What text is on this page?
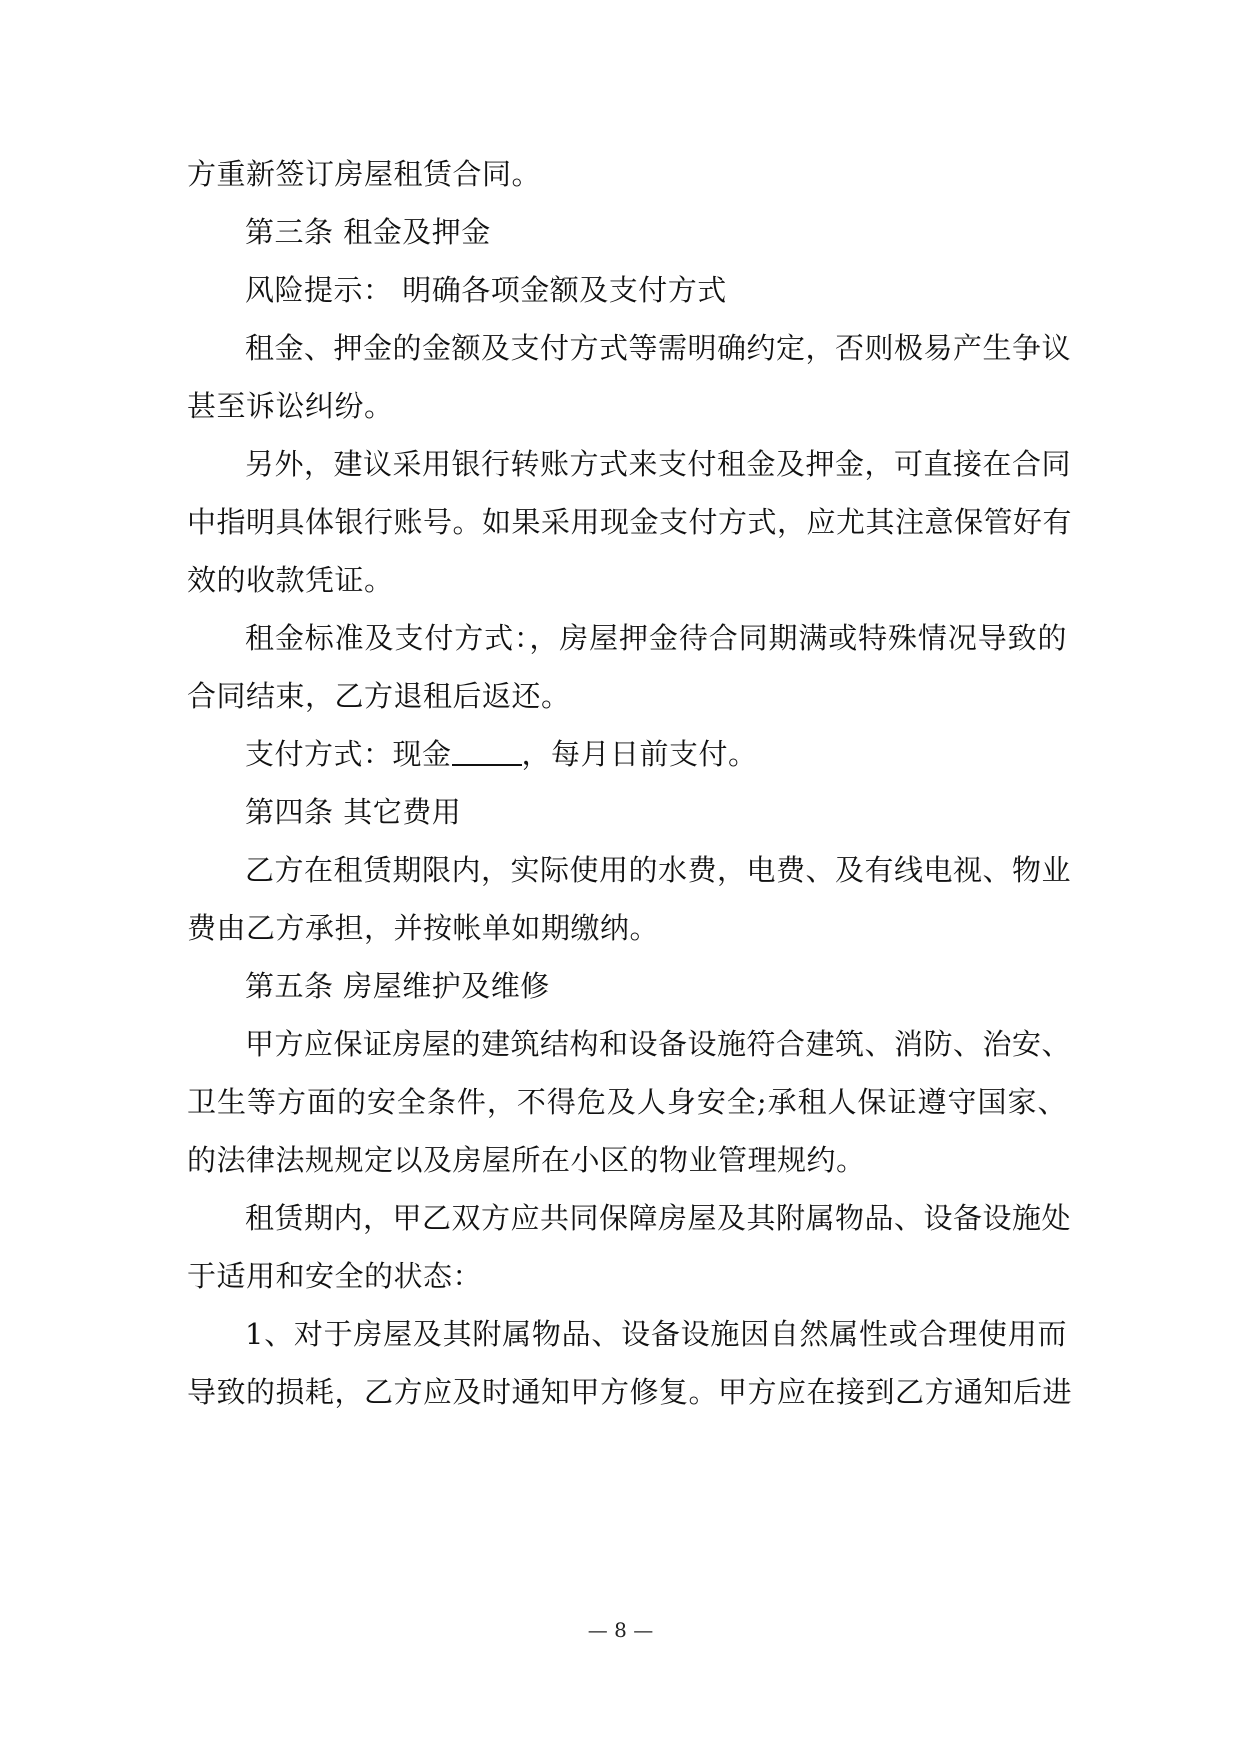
方重新签订房屋租赁合同。
第三条 租金及押金
风险提示： 明确各项金额及支付方式
租金、押金的金额及支付方式等需明确约定，否则极易产生争议
甚至诉讼纠纷。
另外，建议采用银行转账方式来支付租金及押金，可直接在合同
中指明具体银行账号。如果采用现金支付方式，应尤其注意保管好有
效的收款凭证。
租金标准及支付方式：，房屋押金待合同期满或特殊情况导致的
合同结束，乙方退租后返还。
支付方式：现金 ，每月日前支付。
第四条 其它费用
乙方在租赁期限内，实际使用的水费，电费、及有线电视、物业
费由乙方承担，并按帐单如期缴纳。
第五条 房屋维护及维修
甲方应保证房屋的建筑结构和设备设施符合建筑、消防、治安、
卫生等方面的安全条件，不得危及人身安全;承租人保证遵守国家、
的法律法规规定以及房屋所在小区的物业管理规约。
租赁期内，甲乙双方应共同保障房屋及其附属物品、设备设施处
于适用和安全的状态：
1、对于房屋及其附属物品、设备设施因自然属性或合理使用而
导致的损耗，乙方应及时通知甲方修复。甲方应在接到乙方通知后进
— 8 —
